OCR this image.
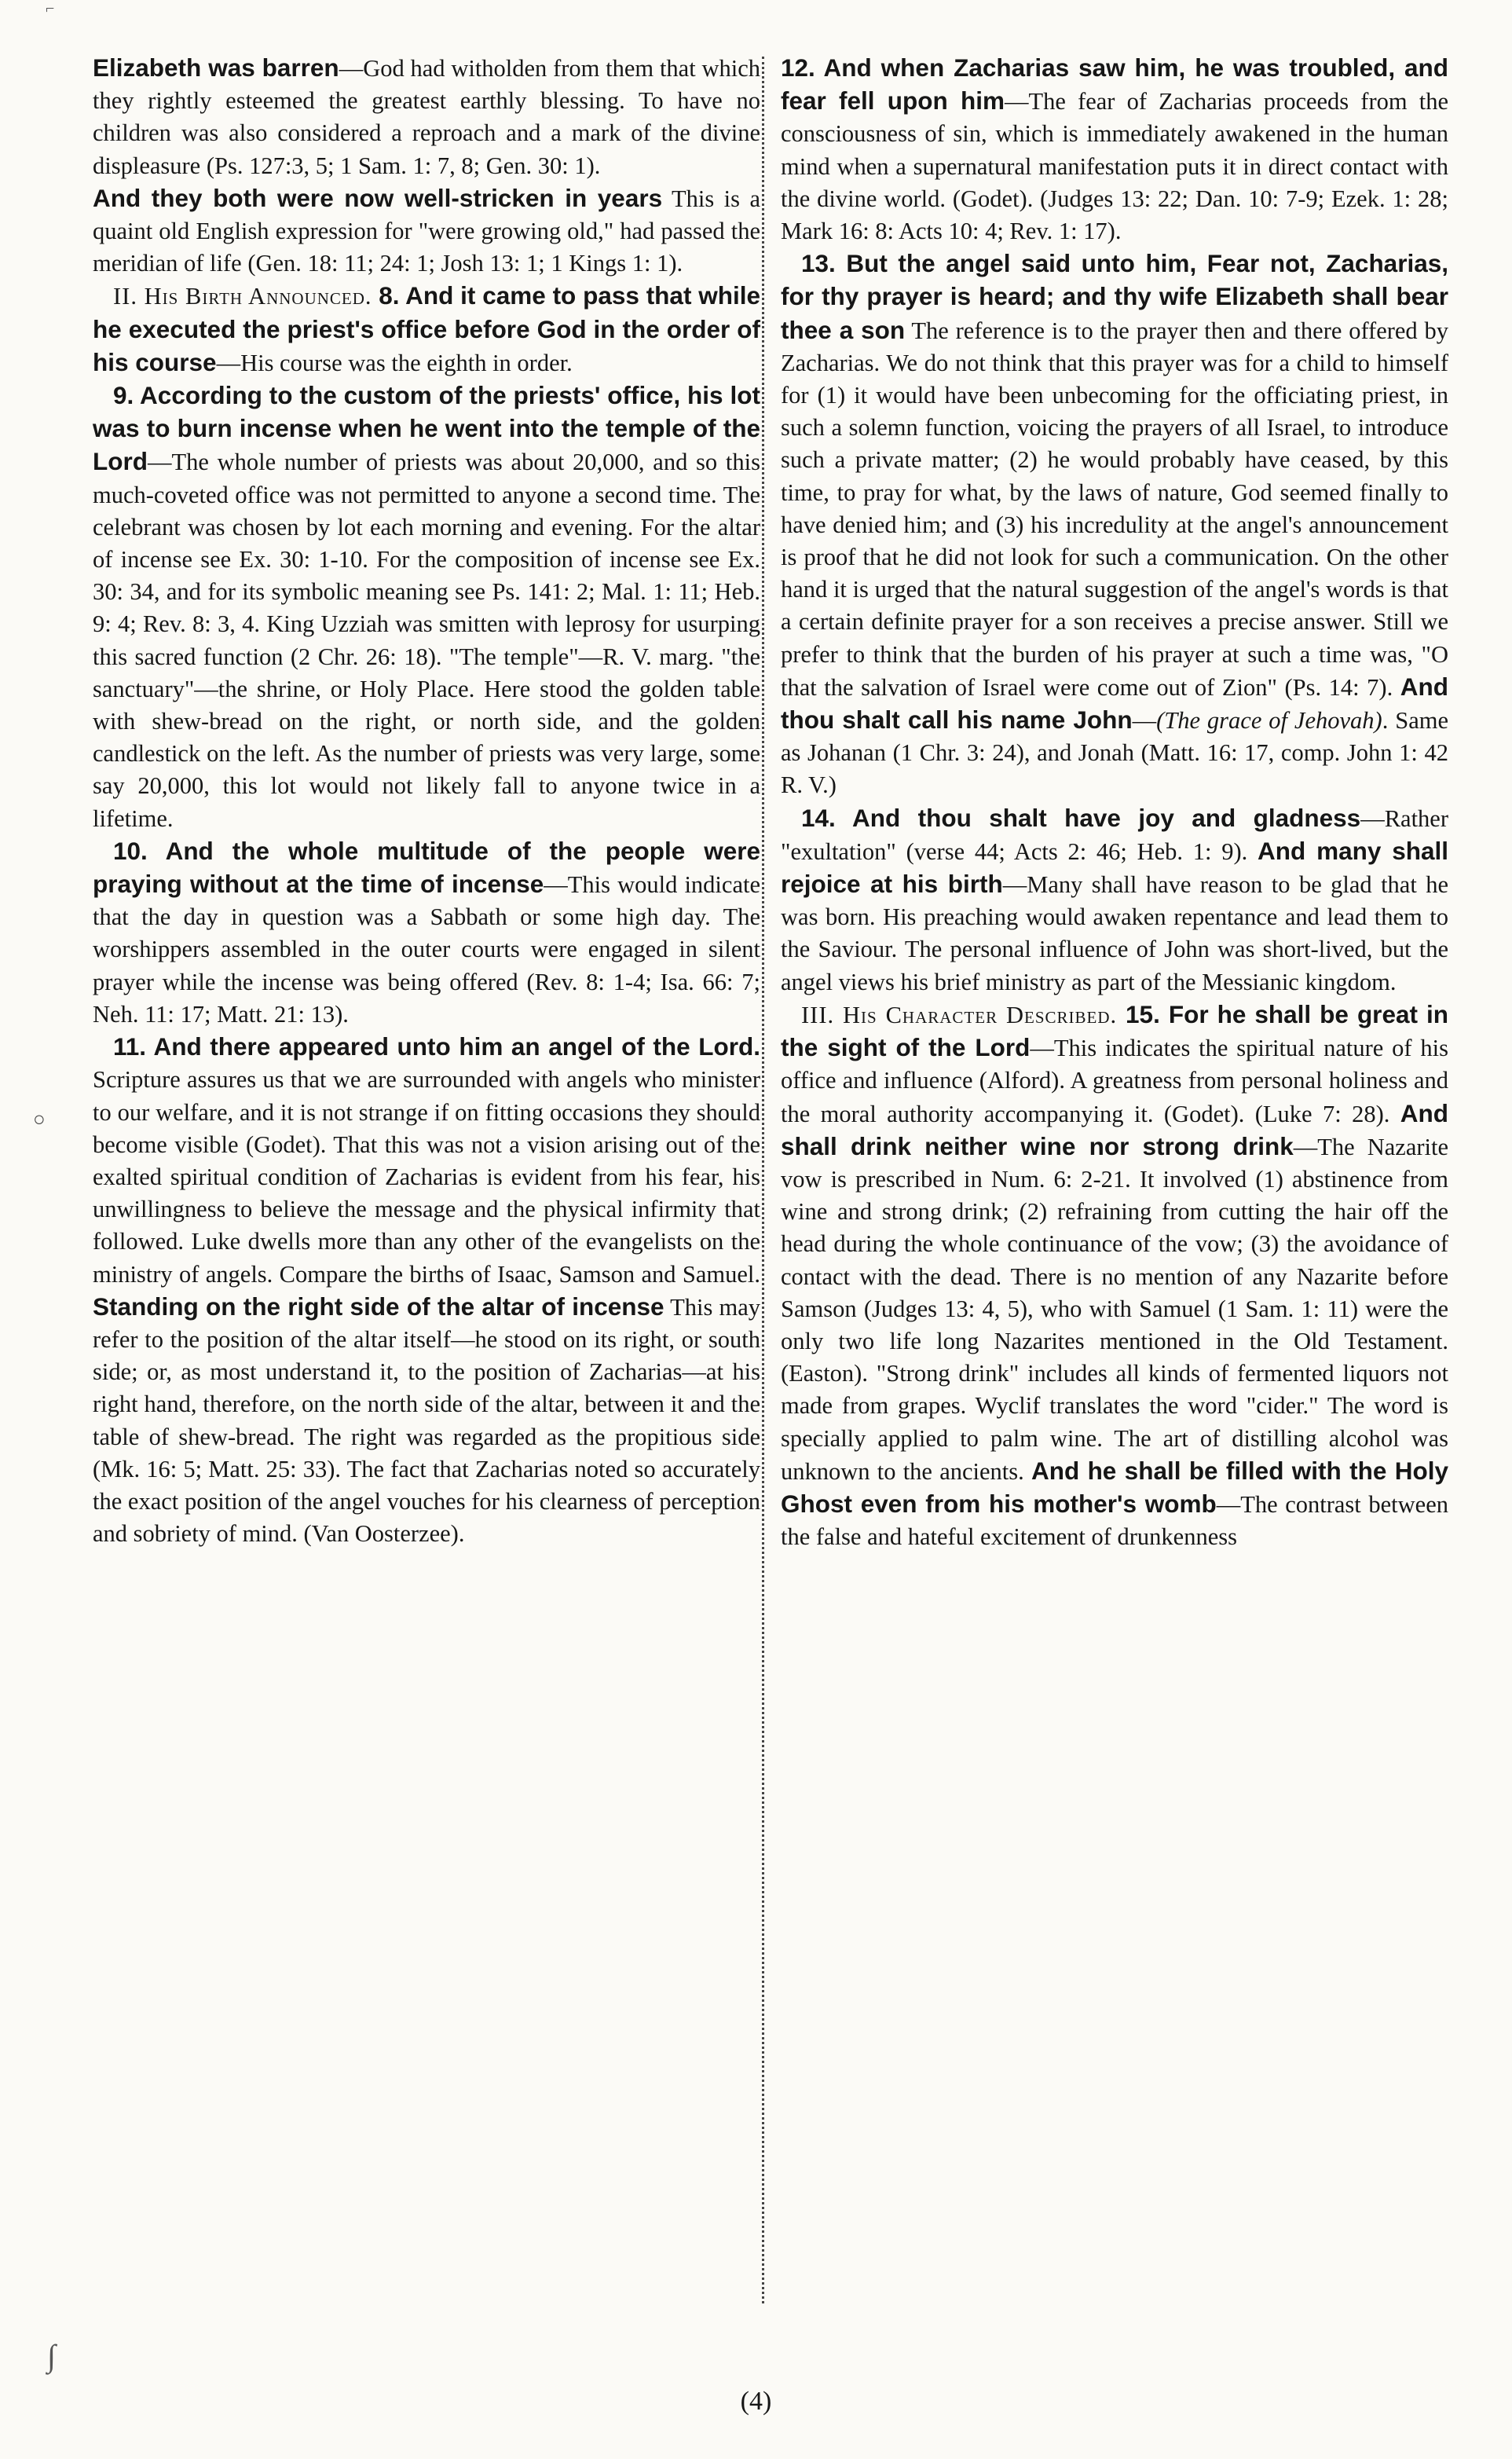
⌐

Elizabeth was barren—God had witholden from them that which they rightly esteemed the greatest earthly blessing. To have no children was also considered a reproach and a mark of the divine displeasure (Ps. 127:3, 5; 1 Sam. 1: 7, 8; Gen. 30: 1).

And they both were now well-stricken in years This is a quaint old English expression for "were growing old," had passed the meridian of life (Gen. 18: 11; 24: 1; Josh 13: 1; 1 Kings 1: 1).

II. His Birth Announced. 8. And it came to pass that while he executed the priest's office before God in the order of his course—His course was the eighth in order.

9. According to the custom of the priests' office, his lot was to burn incense when he went into the temple of the Lord—The whole number of priests was about 20,000, and so this much-coveted office was not permitted to anyone a second time. The celebrant was chosen by lot each morning and evening. For the altar of incense see Ex. 30: 1-10. For the composition of incense see Ex. 30: 34, and for its symbolic meaning see Ps. 141: 2; Mal. 1: 11; Heb. 9: 4; Rev. 8: 3, 4. King Uzziah was smitten with leprosy for usurping this sacred function (2 Chr. 26: 18). "The temple"—R. V. marg. "the sanctuary"—the shrine, or Holy Place. Here stood the golden table with shew-bread on the right, or north side, and the golden candlestick on the left. As the number of priests was very large, some say 20,000, this lot would not likely fall to anyone twice in a lifetime.

10. And the whole multitude of the people were praying without at the time of incense—This would indicate that the day in question was a Sabbath or some high day. The worshippers assembled in the outer courts were engaged in silent prayer while the incense was being offered (Rev. 8: 1-4; Isa. 66: 7; Neh. 11: 17; Matt. 21: 13).

11. And there appeared unto him an angel of the Lord. Scripture assures us that we are surrounded with angels who minister to our welfare, and it is not strange if on fitting occasions they should become visible (Godet). That this was not a vision arising out of the exalted spiritual condition of Zacharias is evident from his fear, his unwillingness to believe the message and the physical infirmity that followed. Luke dwells more than any other of the evangelists on the ministry of angels. Compare the births of Isaac, Samson and Samuel. Standing on the right side of the altar of incense This may refer to the position of the altar itself—he stood on its right, or south side; or, as most understand it, to the position of Zacharias—at his right hand, therefore, on the north side of the altar, between it and the table of shew-bread. The right was regarded as the propitious side (Mk. 16: 5; Matt. 25: 33). The fact that Zacharias noted so accurately the exact position of the angel vouches for his clearness of perception and sobriety of mind. (Van Oosterzee).

12. And when Zacharias saw him, he was troubled, and fear fell upon him—The fear of Zacharias proceeds from the consciousness of sin, which is immediately awakened in the human mind when a supernatural manifestation puts it in direct contact with the divine world. (Godet). (Judges 13: 22; Dan. 10: 7-9; Ezek. 1: 28; Mark 16: 8: Acts 10: 4; Rev. 1: 17).

13. But the angel said unto him, Fear not, Zacharias, for thy prayer is heard; and thy wife Elizabeth shall bear thee a son The reference is to the prayer then and there offered by Zacharias. We do not think that this prayer was for a child to himself for (1) it would have been unbecoming for the officiating priest, in such a solemn function, voicing the prayers of all Israel, to introduce such a private matter; (2) he would probably have ceased, by this time, to pray for what, by the laws of nature, God seemed finally to have denied him; and (3) his incredulity at the angel's announcement is proof that he did not look for such a communication. On the other hand it is urged that the natural suggestion of the angel's words is that a certain definite prayer for a son receives a precise answer. Still we prefer to think that the burden of his prayer at such a time was, "O that the salvation of Israel were come out of Zion" (Ps. 14: 7). And thou shalt call his name John—(The grace of Jehovah). Same as Johanan (1 Chr. 3: 24), and Jonah (Matt. 16: 17, comp. John 1: 42 R. V.)

14. And thou shalt have joy and gladness—Rather "exultation" (verse 44; Acts 2: 46; Heb. 1: 9). And many shall rejoice at his birth—Many shall have reason to be glad that he was born. His preaching would awaken repentance and lead them to the Saviour. The personal influence of John was short-lived, but the angel views his brief ministry as part of the Messianic kingdom.

III. His Character Described. 15. For he shall be great in the sight of the Lord—This indicates the spiritual nature of his office and influence (Alford). A greatness from personal holiness and the moral authority accompanying it. (Godet). (Luke 7: 28). And shall drink neither wine nor strong drink—The Nazarite vow is prescribed in Num. 6: 2-21. It involved (1) abstinence from wine and strong drink; (2) refraining from cutting the hair off the head during the whole continuance of the vow; (3) the avoidance of contact with the dead. There is no mention of any Nazarite before Samson (Judges 13: 4, 5), who with Samuel (1 Sam. 1: 11) were the only two life long Nazarites mentioned in the Old Testament. (Easton). "Strong drink" includes all kinds of fermented liquors not made from grapes. Wyclif translates the word "cider." The word is specially applied to palm wine. The art of distilling alcohol was unknown to the ancients. And he shall be filled with the Holy Ghost even from his mother's womb—The contrast between the false and hateful excitement of drunkenness

○
∫
(4)
